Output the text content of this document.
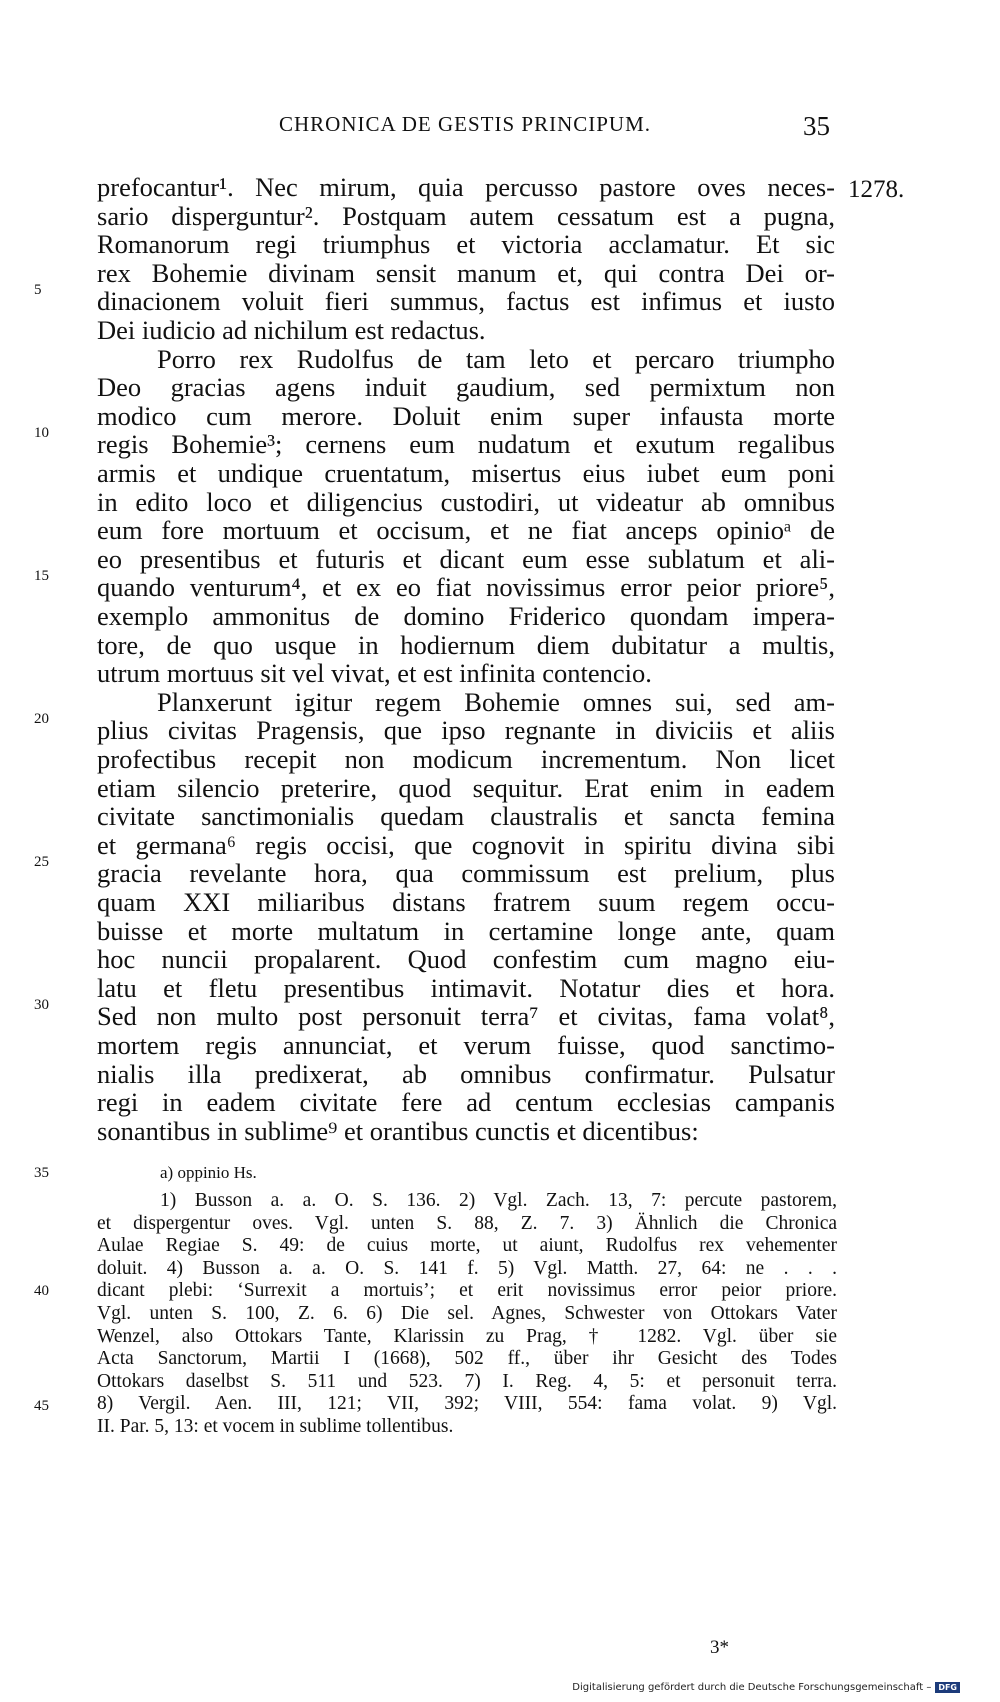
CHRONICA DE GESTIS PRINCIPUM.	35
1278.
prefocantur¹. Nec mirum, quia percusso pastore oves neces-
sario disperguntur². Postquam autem cessatum est a pugna,
Romanorum regi triumphus et victoria acclamatur. Et sic
rex Bohemie divinam sensit manum et, qui contra Dei or-
dinacionem voluit fieri summus, factus est infimus et iusto
Dei iudicio ad nichilum est redactus.
Porro rex Rudolfus de tam leto et percaro triumpho
Deo gracias agens induit gaudium, sed permixtum non
modico cum merore. Doluit enim super infausta morte
regis Bohemie³; cernens eum nudatum et exutum regalibus
armis et undique cruentatum, misertus eius iubet eum poni
in edito loco et diligencius custodiri, ut videatur ab omnibus
eum fore mortuum et occisum, et ne fiat anceps opinioᵃ de
eo presentibus et futuris et dicant eum esse sublatum et ali-
quando venturum⁴, et ex eo fiat novissimus error peior priore⁵,
exemplo ammonitus de domino Friderico quondam impera-
tore, de quo usque in hodiernum diem dubitatur a multis,
utrum mortuus sit vel vivat, et est infinita contencio.
Planxerunt igitur regem Bohemie omnes sui, sed am-
plius civitas Pragensis, que ipso regnante in diviciis et aliis
profectibus recepit non modicum incrementum. Non licet
etiam silencio preterire, quod sequitur. Erat enim in eadem
civitate sanctimonialis quedam claustralis et sancta femina
et germana⁶ regis occisi, que cognovit in spiritu divina sibi
gracia revelante hora, qua commissum est prelium, plus
quam XXI miliaribus distans fratrem suum regem occu-
buisse et morte multatum in certamine longe ante, quam
hoc nuncii propalarent. Quod confestim cum magno eiu-
latu et fletu presentibus intimavit. Notatur dies et hora.
Sed non multo post personuit terra⁷ et civitas, fama volat⁸,
mortem regis annunciat, et verum fuisse, quod sanctimo-
nialis illa predixerat, ab omnibus confirmatur. Pulsatur
regi in eadem civitate fere ad centum ecclesias campanis
sonantibus in sublime⁹ et orantibus cunctis et dicentibus:
5
10
15
20
25
30
35
40
45
a) oppinio Hs.
1) Busson a. a. O. S. 136. 2) Vgl. Zach. 13, 7: percute pastorem,
et dispergentur oves. Vgl. unten S. 88, Z. 7. 3) Ähnlich die Chronica
Aulae Regiae S. 49: de cuius morte, ut aiunt, Rudolfus rex vehementer
doluit. 4) Busson a. a. O. S. 141 f. 5) Vgl. Matth. 27, 64: ne . . .
dicant plebi: ‘Surrexit a mortuis’; et erit novissimus error peior priore.
Vgl. unten S. 100, Z. 6. 6) Die sel. Agnes, Schwester von Ottokars Vater
Wenzel, also Ottokars Tante, Klarissin zu Prag, † 1282. Vgl. über sie
Acta Sanctorum, Martii I (1668), 502 ff., über ihr Gesicht des Todes
Ottokars daselbst S. 511 und 523. 7) I. Reg. 4, 5: et personuit terra.
8) Vergil. Aen. III, 121; VII, 392; VIII, 554: fama volat. 9) Vgl.
II. Par. 5, 13: et vocem in sublime tollentibus.
3*
Digitalisierung gefördert durch die Deutsche Forschungsgemeinschaft – DFG
